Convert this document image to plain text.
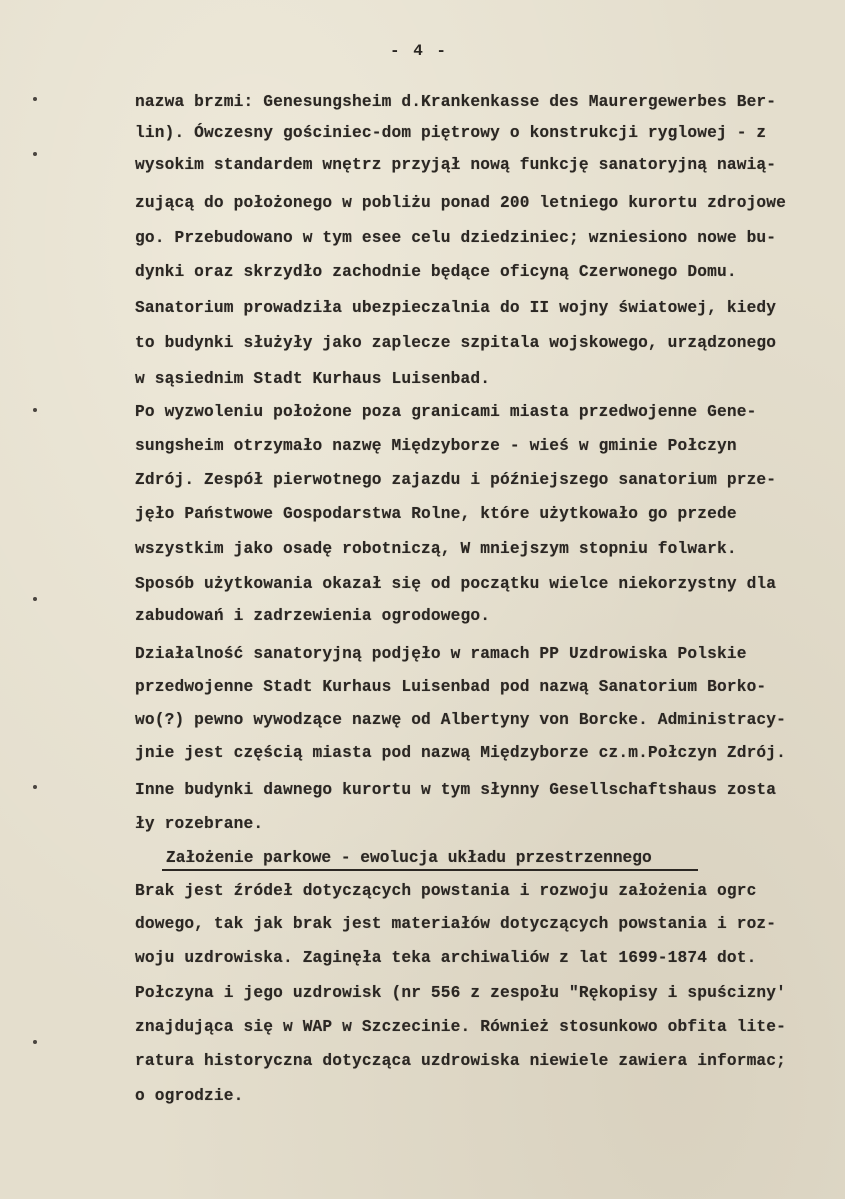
- 4 -
nazwa brzmi: Genesungsheim d.Krankenkasse des Maurergewerbes Ber-
lin). Ówczesny gościniec-dom piętrowy o konstrukcji ryglowej - z
wysokim standardem wnętrz przyjął nową funkcję sanatoryjną nawią-
zującą do położonego w pobliżu ponad 200 letniego kurortu zdrojowe
go. Przebudowano w tym esee celu dziedziniec; wzniesiono nowe bu-
dynki oraz skrzydło zachodnie będące oficyną Czerwonego Domu.
Sanatorium prowadziła ubezpieczalnia do II wojny światowej, kiedy
to budynki służyły jako zaplecze szpitala wojskowego, urządzonego
w sąsiednim Stadt Kurhaus Luisenbad.
Po wyzwoleniu położone poza granicami miasta przedwojenne Gene-
sungsheim otrzymało nazwę Międzyborze - wieś w gminie Połczyn
Zdrój. Zespół pierwotnego zajazdu i późniejszego sanatorium prze-
jęło Państwowe Gospodarstwa Rolne, które użytkowało go przede
wszystkim jako osadę robotniczą, W mniejszym stopniu folwark.
Sposób użytkowania okazał się od początku wielce niekorzystny dla
zabudowań i zadrzewienia ogrodowego.
Działalność sanatoryjną podjęło w ramach PP Uzdrowiska Polskie
przedwojenne Stadt Kurhaus Luisenbad pod nazwą Sanatorium Borko-
wo(?) pewno wywodzące nazwę od Albertyny von Borcke. Administracy-
jnie jest częścią miasta pod nazwą Międzyborze cz.m.Połczyn Zdrój.
Inne budynki dawnego kurortu w tym słynny Gesellschaftshaus zosta
ły rozebrane.
Założenie parkowe - ewolucja układu przestrzennego
Brak jest źródeł dotyczących powstania i rozwoju założenia ogrc
dowego, tak jak brak jest materiałów dotyczących powstania i roz-
woju uzdrowiska. Zaginęła teka archiwaliów z lat 1699-1874 dot.
Połczyna i jego uzdrowisk (nr 556 z zespołu "Rękopisy i spuścizny'
znajdująca się w WAP w Szczecinie. Również stosunkowo obfita lite-
ratura historyczna dotycząca uzdrowiska niewiele zawiera informac;
o ogrodzie.
